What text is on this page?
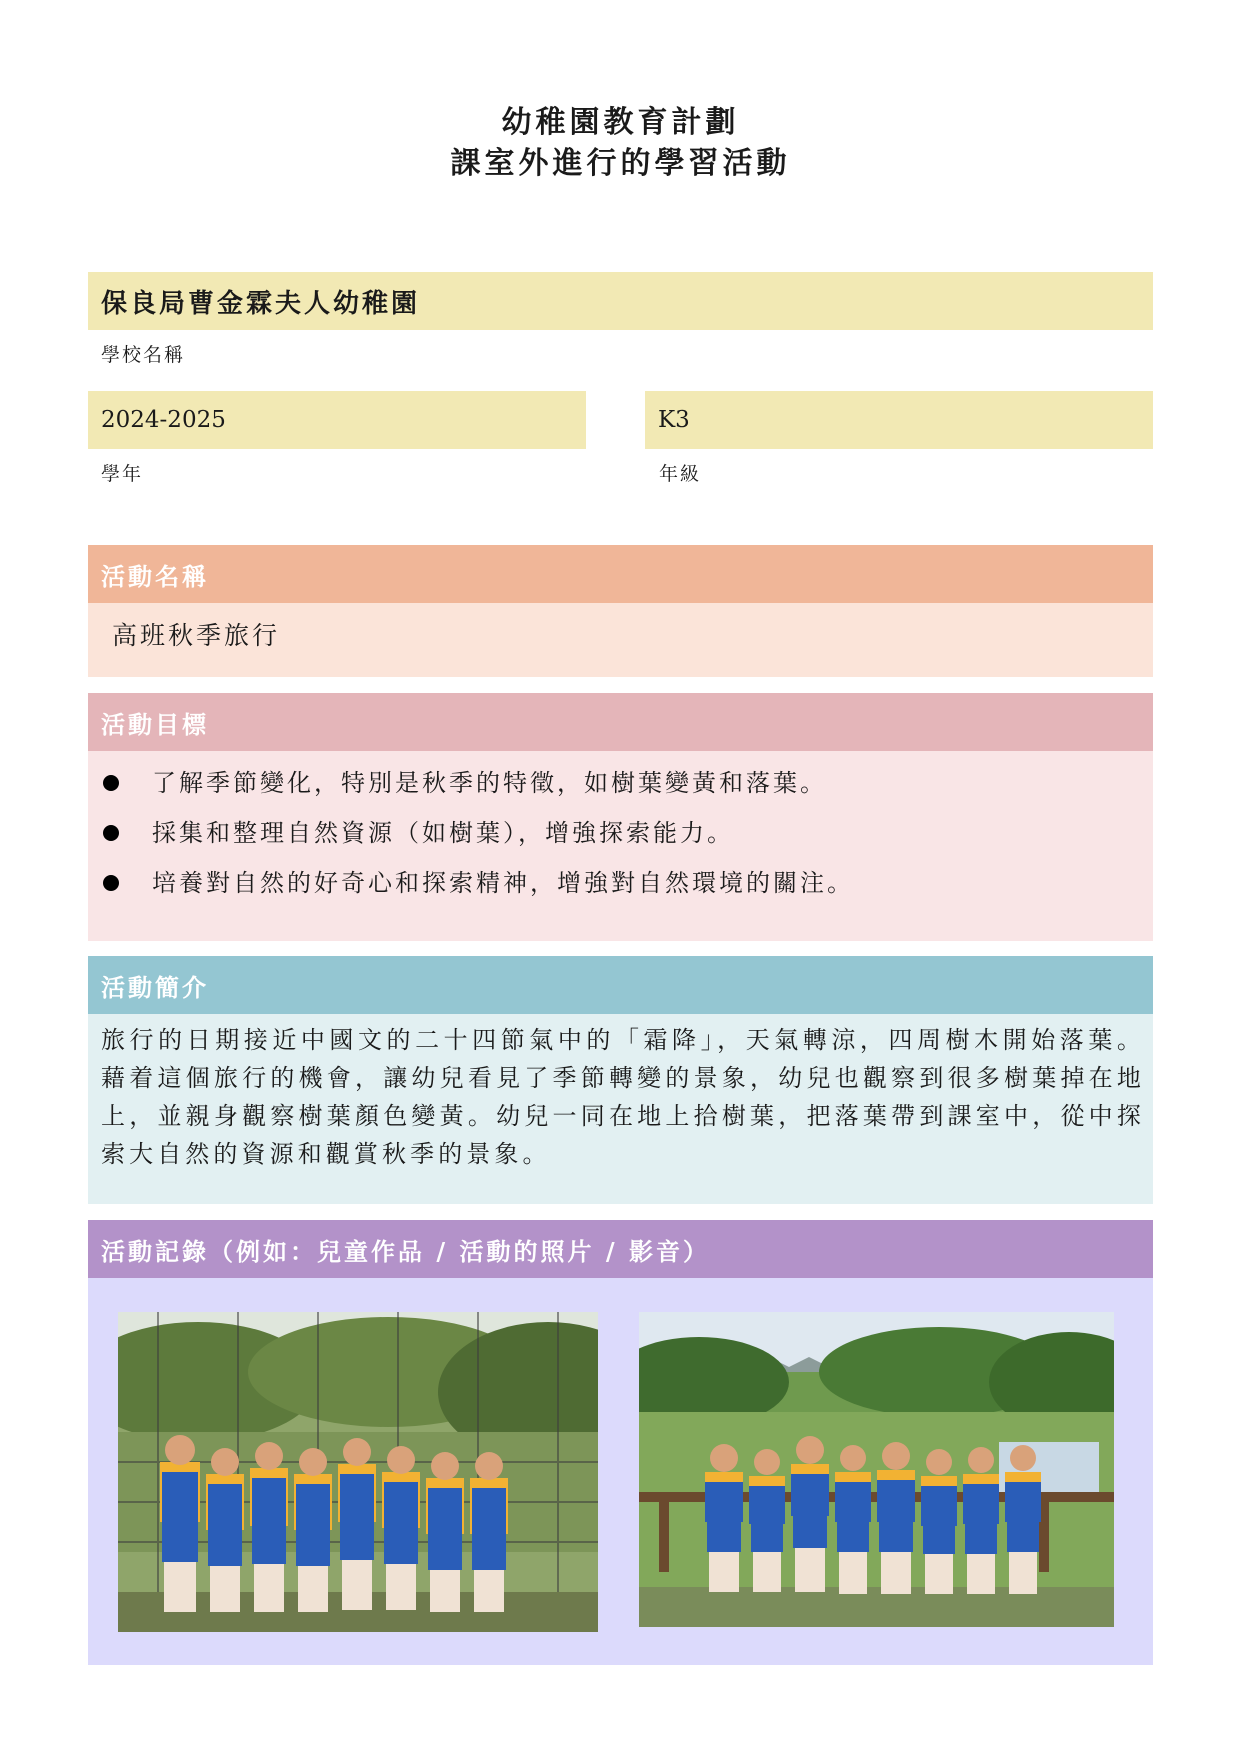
幼稚園教育計劃
課室外進行的學習活動
保良局曹金霖夫人幼稚園
學校名稱
2024-2025
學年
K3
年級
活動名稱
高班秋季旅行
活動目標
了解季節變化，特別是秋季的特徵，如樹葉變黃和落葉。
採集和整理自然資源（如樹葉），增強探索能力。
培養對自然的好奇心和探索精神，增強對自然環境的關注。
活動簡介
旅行的日期接近中國文的二十四節氣中的「霜降」，天氣轉涼，四周樹木開始落葉。藉着這個旅行的機會，讓幼兒看見了季節轉變的景象，幼兒也觀察到很多樹葉掉在地上，並親身觀察樹葉顏色變黃。幼兒一同在地上拾樹葉，把落葉帶到課室中，從中探索大自然的資源和觀賞秋季的景象。
活動記錄（例如：兒童作品 / 活動的照片 / 影音）
